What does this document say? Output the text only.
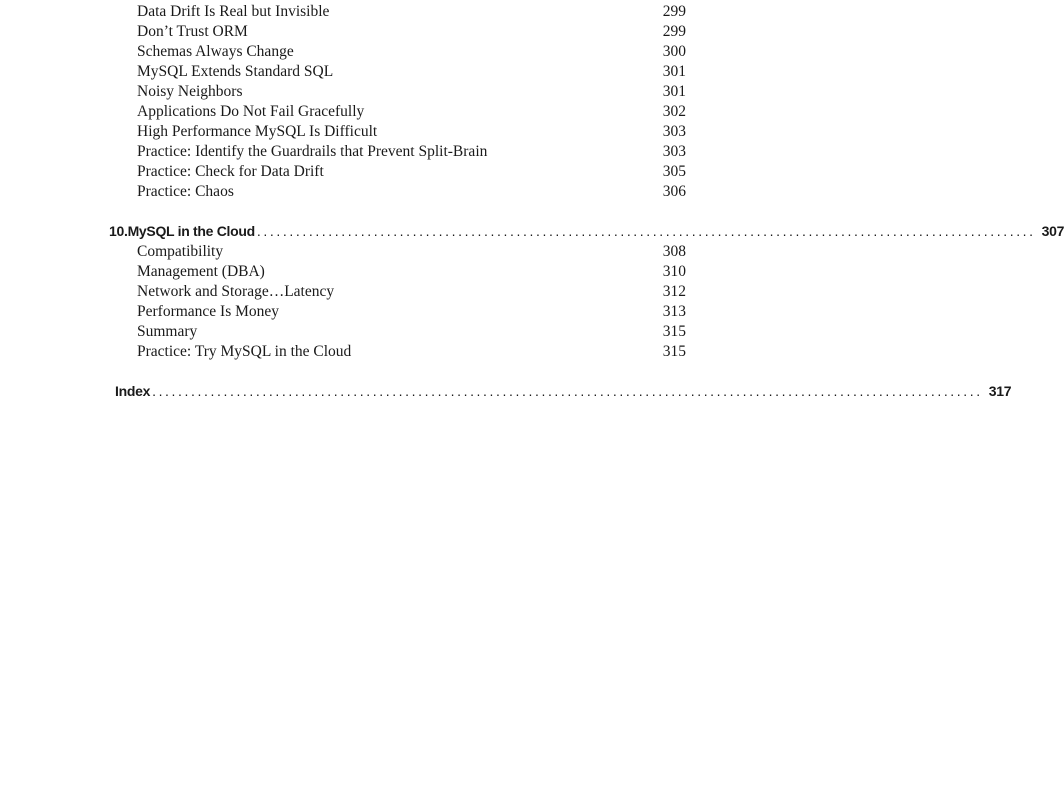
Data Drift Is Real but Invisible	299
Don’t Trust ORM	299
Schemas Always Change	300
MySQL Extends Standard SQL	301
Noisy Neighbors	301
Applications Do Not Fail Gracefully	302
High Performance MySQL Is Difficult	303
Practice: Identify the Guardrails that Prevent Split-Brain	303
Practice: Check for Data Drift	305
Practice: Chaos	306
10. MySQL in the Cloud ........................................................................................................................ 307
Compatibility	308
Management (DBA)	310
Network and Storage…Latency	312
Performance Is Money	313
Summary	315
Practice: Try MySQL in the Cloud	315
Index ................................................................................................................................ 317
